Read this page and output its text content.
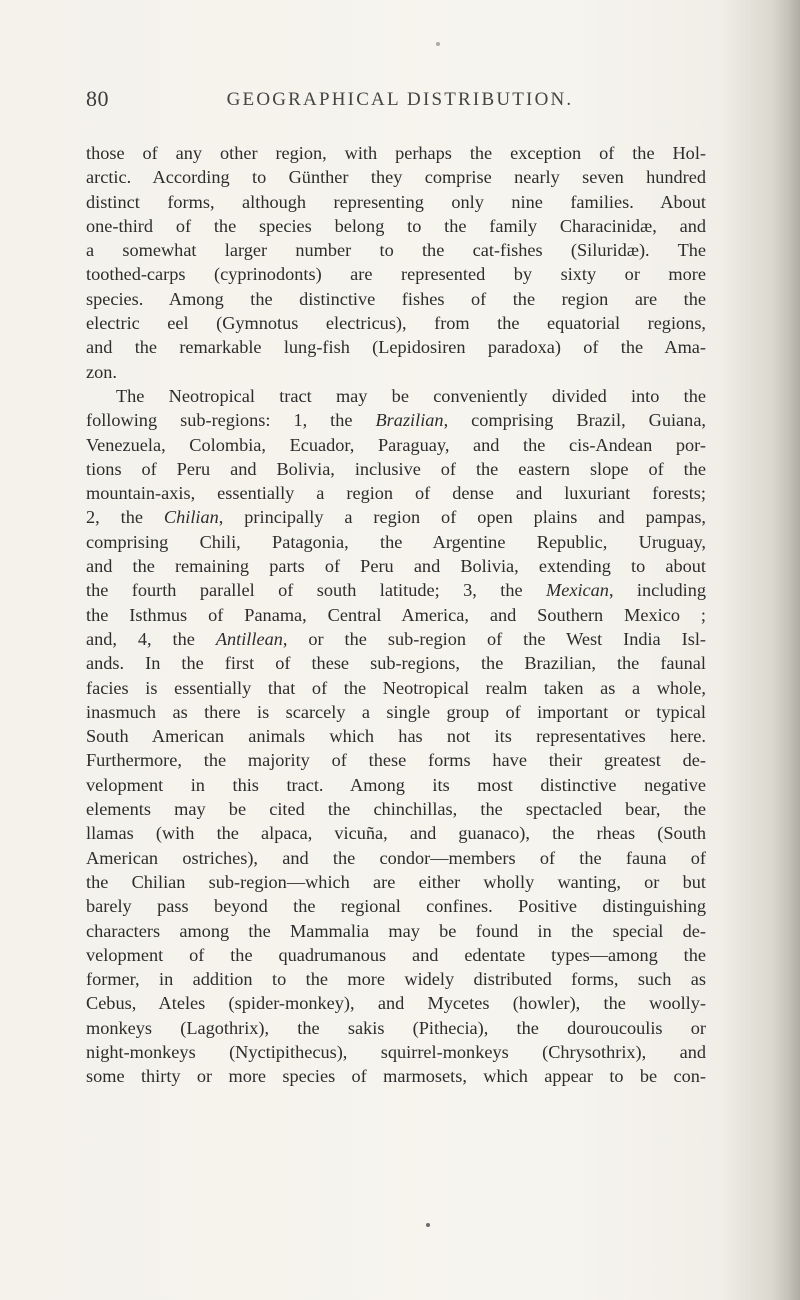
80	GEOGRAPHICAL DISTRIBUTION.
those of any other region, with perhaps the exception of the Hol-
arctic. According to Günther they comprise nearly seven hundred
distinct forms, although representing only nine families. About
one-third of the species belong to the family Characinidæ, and
a somewhat larger number to the cat-fishes (Siluridæ). The
toothed-carps (cyprinodonts) are represented by sixty or more
species. Among the distinctive fishes of the region are the
electric eel (Gymnotus electricus), from the equatorial regions,
and the remarkable lung-fish (Lepidosiren paradoxa) of the Ama-
zon.
The Neotropical tract may be conveniently divided into the
following sub-regions: 1, the Brazilian, comprising Brazil, Guiana,
Venezuela, Colombia, Ecuador, Paraguay, and the cis-Andean por-
tions of Peru and Bolivia, inclusive of the eastern slope of the
mountain-axis, essentially a region of dense and luxuriant forests;
2, the Chilian, principally a region of open plains and pampas,
comprising Chili, Patagonia, the Argentine Republic, Uruguay,
and the remaining parts of Peru and Bolivia, extending to about
the fourth parallel of south latitude; 3, the Mexican, including
the Isthmus of Panama, Central America, and Southern Mexico ;
and, 4, the Antillean, or the sub-region of the West India Isl-
ands. In the first of these sub-regions, the Brazilian, the faunal
facies is essentially that of the Neotropical realm taken as a whole,
inasmuch as there is scarcely a single group of important or typical
South American animals which has not its representatives here.
Furthermore, the majority of these forms have their greatest de-
velopment in this tract. Among its most distinctive negative
elements may be cited the chinchillas, the spectacled bear, the
llamas (with the alpaca, vicuña, and guanaco), the rheas (South
American ostriches), and the condor—members of the fauna of
the Chilian sub-region—which are either wholly wanting, or but
barely pass beyond the regional confines. Positive distinguishing
characters among the Mammalia may be found in the special de-
velopment of the quadrumanous and edentate types—among the
former, in addition to the more widely distributed forms, such as
Cebus, Ateles (spider-monkey), and Mycetes (howler), the woolly-
monkeys (Lagothrix), the sakis (Pithecia), the douroucoulis or
night-monkeys (Nyctipithecus), squirrel-monkeys (Chrysothrix), and
some thirty or more species of marmosets, which appear to be con-
